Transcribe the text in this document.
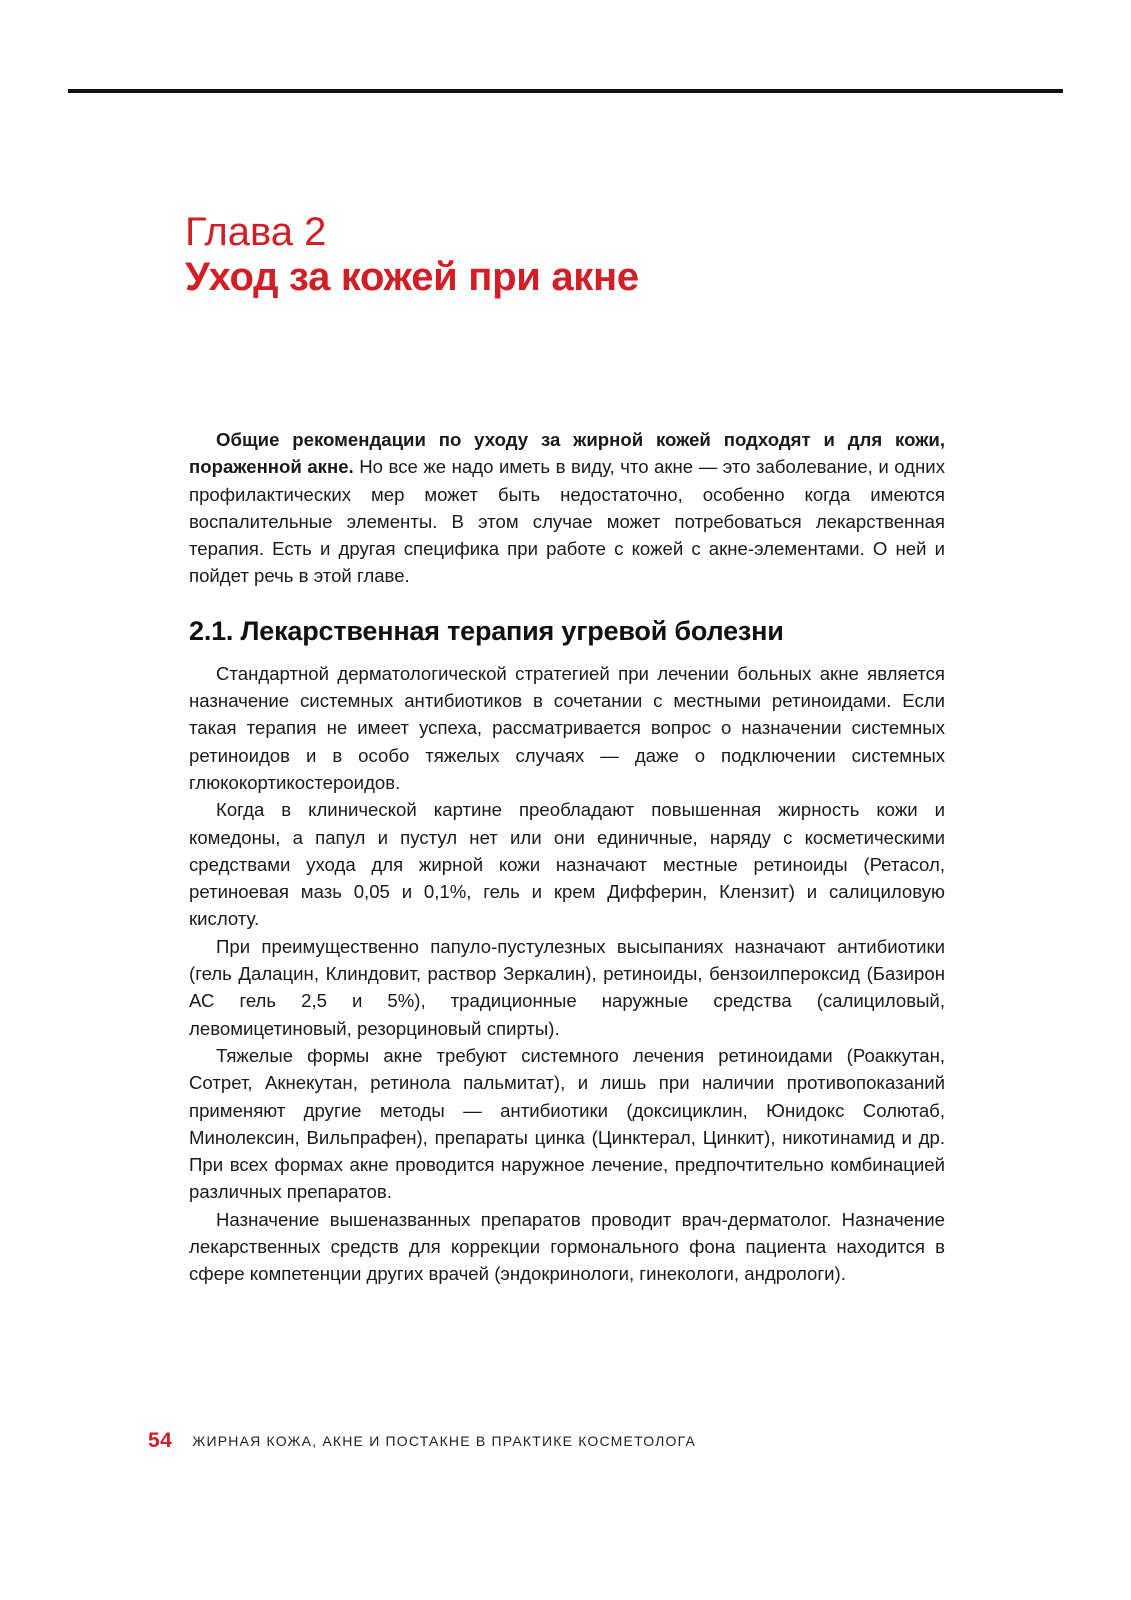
Глава 2
Уход за кожей при акне

Общие рекомендации по уходу за жирной кожей подходят и для кожи, пораженной акне. Но все же надо иметь в виду, что акне — это заболевание, и одних профилактических мер может быть недостаточно, особенно когда имеются воспалительные элементы. В этом случае может потребоваться лекарственная терапия. Есть и другая специфика при работе с кожей с акне-элементами. О ней и пойдет речь в этой главе.

2.1. Лекарственная терапия угревой болезни

Стандартной дерматологической стратегией при лечении больных акне является назначение системных антибиотиков в сочетании с местными ретиноидами. Если такая терапия не имеет успеха, рассматривается вопрос о назначении системных ретиноидов и в особо тяжелых случаях — даже о подключении системных глюкокортикостероидов.

Когда в клинической картине преобладают повышенная жирность кожи и комедоны, а папул и пустул нет или они единичные, наряду с косметическими средствами ухода для жирной кожи назначают местные ретиноиды (Ретасол, ретиноевая мазь 0,05 и 0,1%, гель и крем Дифферин, Клензит) и салициловую кислоту.

При преимущественно папуло-пустулезных высыпаниях назначают антибиотики (гель Далацин, Клиндовит, раствор Зеркалин), ретиноиды, бензоилпероксид (Базирон АС гель 2,5 и 5%), традиционные наружные средства (салициловый, левомицетиновый, резорциновый спирты).

Тяжелые формы акне требуют системного лечения ретиноидами (Роаккутан, Сотрет, Акнекутан, ретинола пальмитат), и лишь при наличии противопоказаний применяют другие методы — антибиотики (доксициклин, Юнидокс Солютаб, Минолексин, Вильпрафен), препараты цинка (Цинктерал, Цинкит), никотинамид и др. При всех формах акне проводится наружное лечение, предпочтительно комбинацией различных препаратов.

Назначение вышеназванных препаратов проводит врач-дерматолог. Назначение лекарственных средств для коррекции гормонального фона пациента находится в сфере компетенции других врачей (эндокринологи, гинекологи, андрологи).

54 ЖИРНАЯ КОЖА, АКНЕ И ПОСТАКНЕ В ПРАКТИКЕ КОСМЕТОЛОГА
